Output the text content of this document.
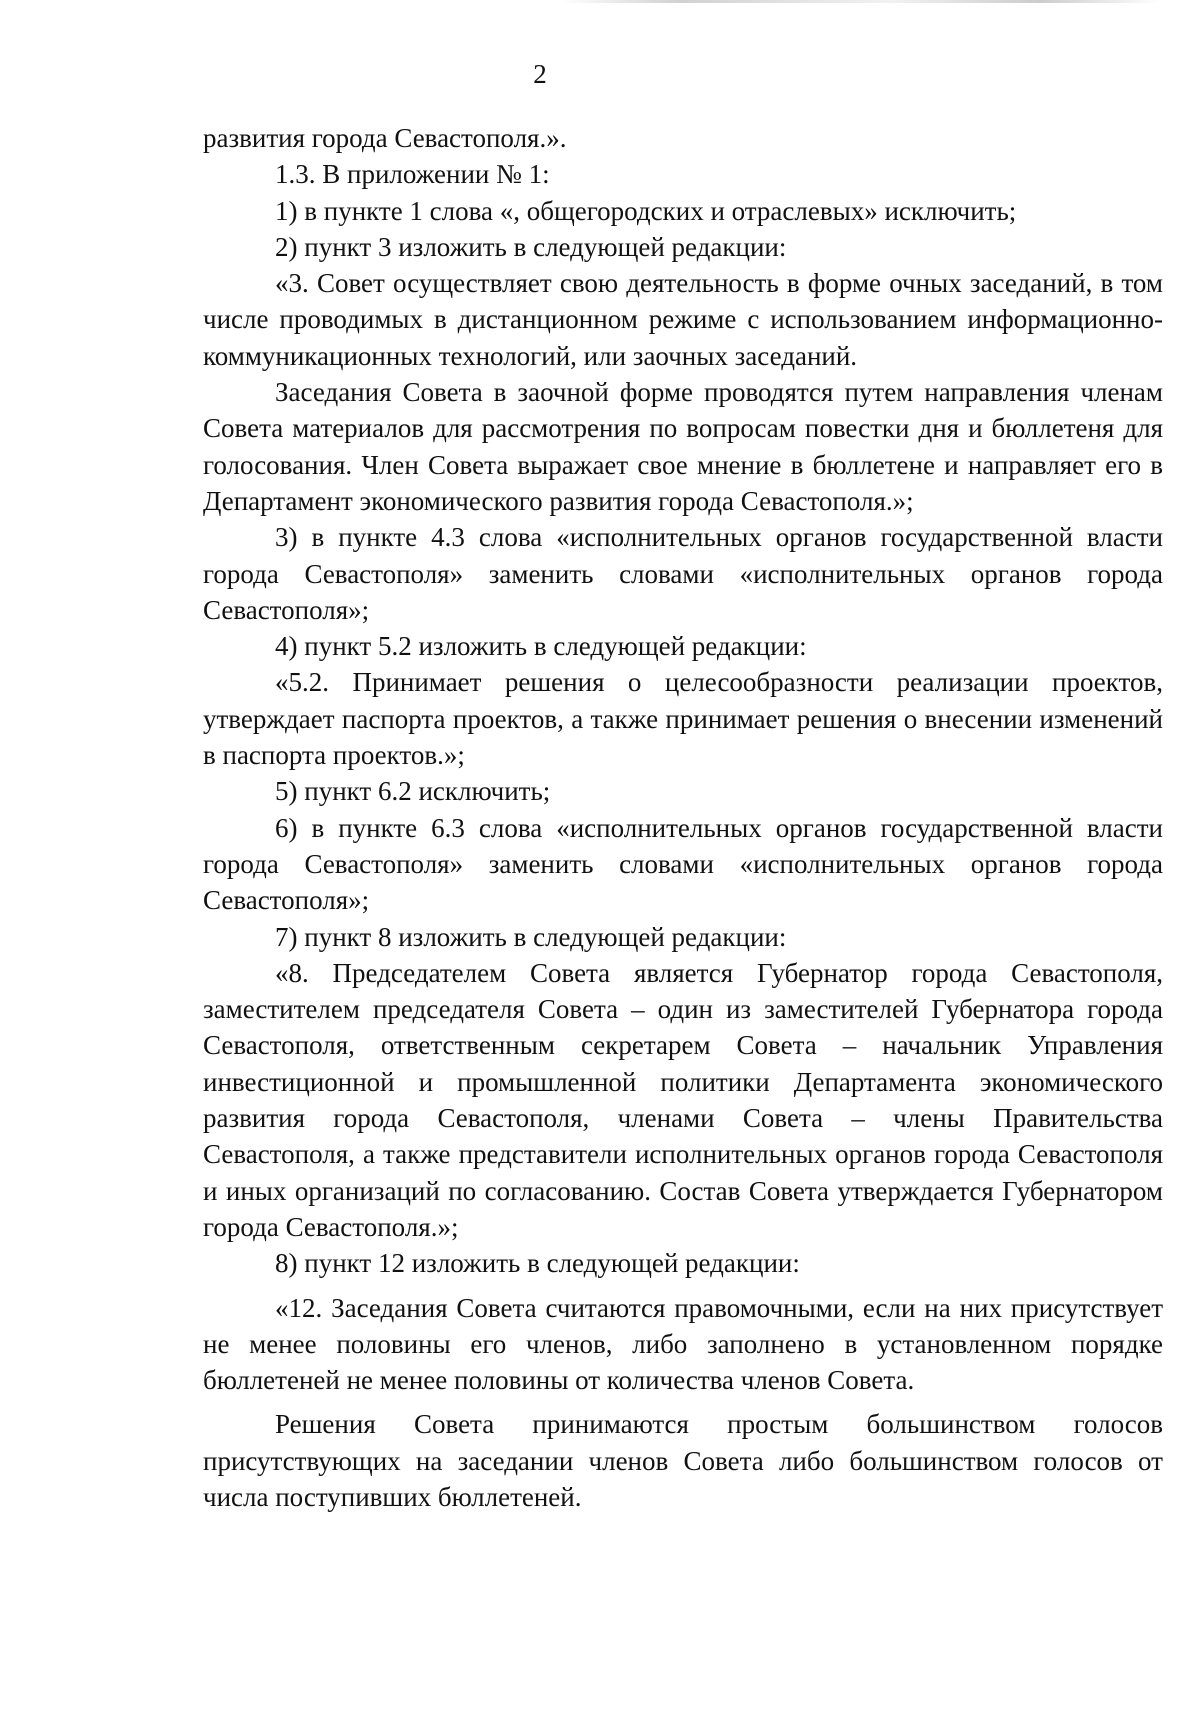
2

развития города Севастополя.».

1.3. В приложении № 1:

1) в пункте 1 слова «, общегородских и отраслевых» исключить;

2) пункт 3 изложить в следующей редакции:

«3. Совет осуществляет свою деятельность в форме очных заседаний, в том числе проводимых в дистанционном режиме с использованием информационно-коммуникационных технологий, или заочных заседаний.

Заседания Совета в заочной форме проводятся путем направления членам Совета материалов для рассмотрения по вопросам повестки дня и бюллетеня для голосования. Член Совета выражает свое мнение в бюллетене и направляет его в Департамент экономического развития города Севастополя.»;

3) в пункте 4.3 слова «исполнительных органов государственной власти города Севастополя» заменить словами «исполнительных органов города Севастополя»;

4) пункт 5.2 изложить в следующей редакции:

«5.2. Принимает решения о целесообразности реализации проектов, утверждает паспорта проектов, а также принимает решения о внесении изменений в паспорта проектов.»;

5) пункт 6.2 исключить;

6) в пункте 6.3 слова «исполнительных органов государственной власти города Севастополя» заменить словами «исполнительных органов города Севастополя»;

7) пункт 8 изложить в следующей редакции:

«8. Председателем Совета является Губернатор города Севастополя, заместителем председателя Совета – один из заместителей Губернатора города Севастополя, ответственным секретарем Совета – начальник Управления инвестиционной и промышленной политики Департамента экономического развития города Севастополя, членами Совета – члены Правительства Севастополя, а также представители исполнительных органов города Севастополя и иных организаций по согласованию. Состав Совета утверждается Губернатором города Севастополя.»;

8) пункт 12 изложить в следующей редакции:

«12. Заседания Совета считаются правомочными, если на них присутствует не менее половины его членов, либо заполнено в установленном порядке бюллетеней не менее половины от количества членов Совета.

Решения Совета принимаются простым большинством голосов присутствующих на заседании членов Совета либо большинством голосов от числа поступивших бюллетеней.
